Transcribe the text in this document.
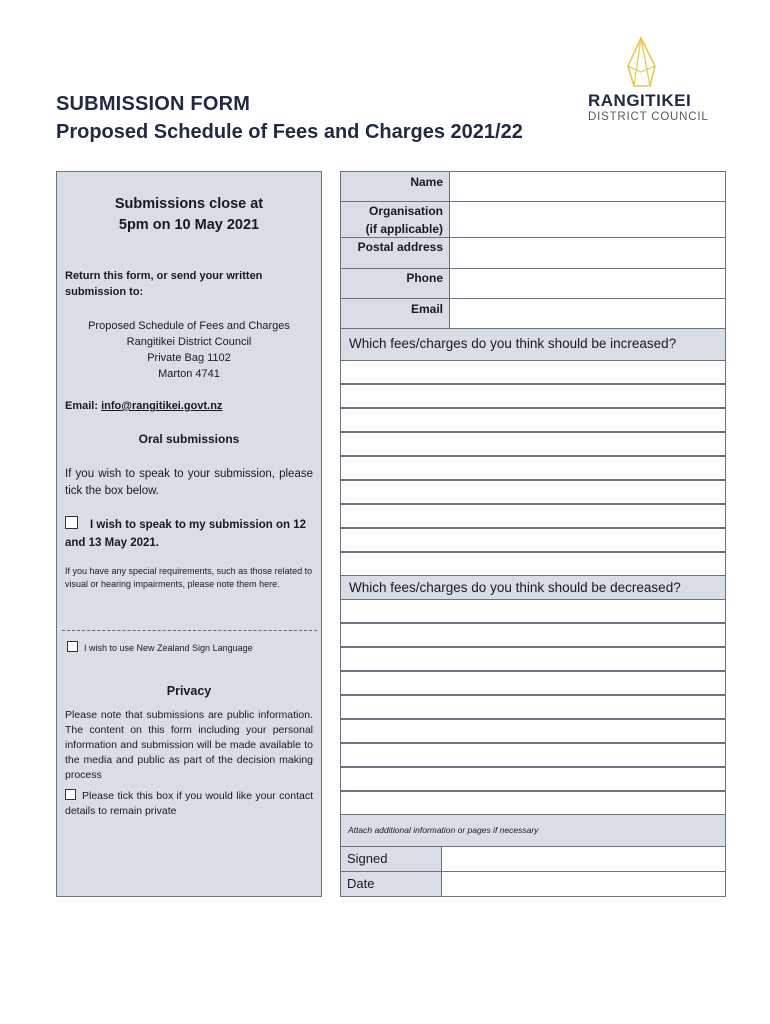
SUBMISSION FORM
Proposed Schedule of Fees and Charges 2021/22
RANGITIKEI
DISTRICT COUNCIL
Submissions close at
5pm on 10 May 2021
Return this form, or send your written submission to:
Proposed Schedule of Fees and Charges
Rangitikei District Council
Private Bag 1102
Marton 4741
Email: info@rangitikei.govt.nz
Oral submissions
If you wish to speak to your submission, please tick the box below.
I wish to speak to my submission on 12 and 13 May 2021.
If you have any special requirements, such as those related to visual or hearing impairments, please note them here.
I wish to use New Zealand Sign Language
Privacy
Please note that submissions are public information. The content on this form including your personal information and submission will be made available to the media and public as part of the decision making process
Please tick this box if you would like your contact details to remain private
Name
Organisation
(if applicable)
Postal address
Phone
Email
Which fees/charges do you think should be increased?
Which fees/charges do you think should be decreased?
Attach additional information or pages if necessary
Signed
Date
